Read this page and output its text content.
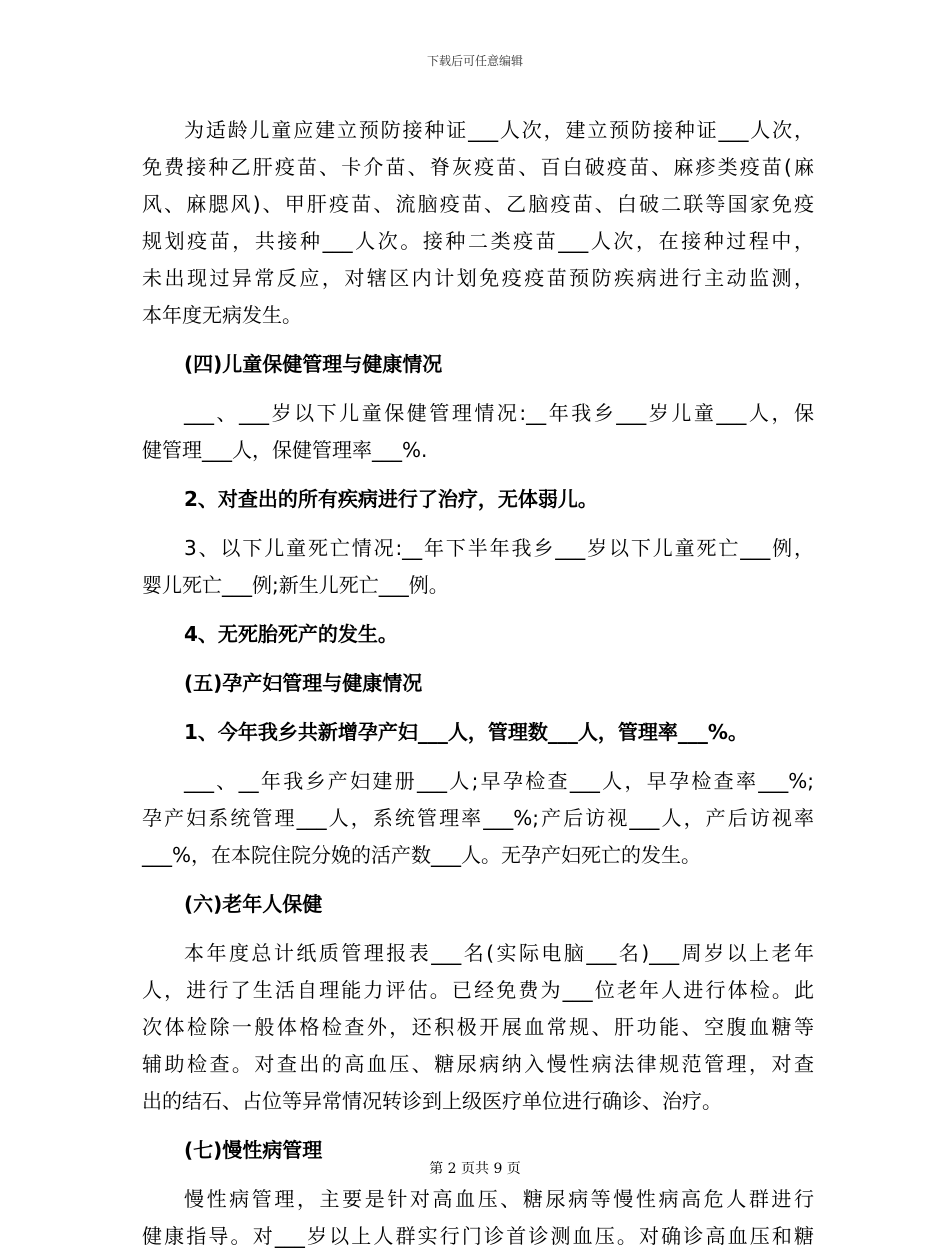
下载后可任意编辑
为适龄儿童应建立预防接种证___人次，建立预防接种证___人次，
免费接种乙肝疫苗、卡介苗、脊灰疫苗、百白破疫苗、麻疹类疫苗(麻
风、麻腮风)、甲肝疫苗、流脑疫苗、乙脑疫苗、白破二联等国家免疫
规划疫苗，共接种___人次。接种二类疫苗___人次，在接种过程中，
未出现过异常反应，对辖区内计划免疫疫苗预防疾病进行主动监测，
本年度无病发生。
(四)儿童保健管理与健康情况
___、___岁以下儿童保健管理情况:__年我乡___岁儿童___人，保
健管理___人，保健管理率___%.
2、对查出的所有疾病进行了治疗，无体弱儿。
3、以下儿童死亡情况:__年下半年我乡___岁以下儿童死亡___例，
婴儿死亡___例;新生儿死亡___例。
4、无死胎死产的发生。
(五)孕产妇管理与健康情况
1、今年我乡共新增孕产妇___人，管理数___人，管理率___%。
___、__年我乡产妇建册___人;早孕检查___人，早孕检查率___%;
孕产妇系统管理___人，系统管理率___%;产后访视___人，产后访视率
___%，在本院住院分娩的活产数___人。无孕产妇死亡的发生。
(六)老年人保健
本年度总计纸质管理报表___名(实际电脑___名)___周岁以上老年
人，进行了生活自理能力评估。已经免费为___位老年人进行体检。此
次体检除一般体格检查外，还积极开展血常规、肝功能、空腹血糖等
辅助检查。对查出的高血压、糖尿病纳入慢性病法律规范管理，对查
出的结石、占位等异常情况转诊到上级医疗单位进行确诊、治疗。
(七)慢性病管理
慢性病管理，主要是针对高血压、糖尿病等慢性病高危人群进行
健康指导。对___岁以上人群实行门诊首诊测血压。对确诊高血压和糖
第 2 页共 9 页
